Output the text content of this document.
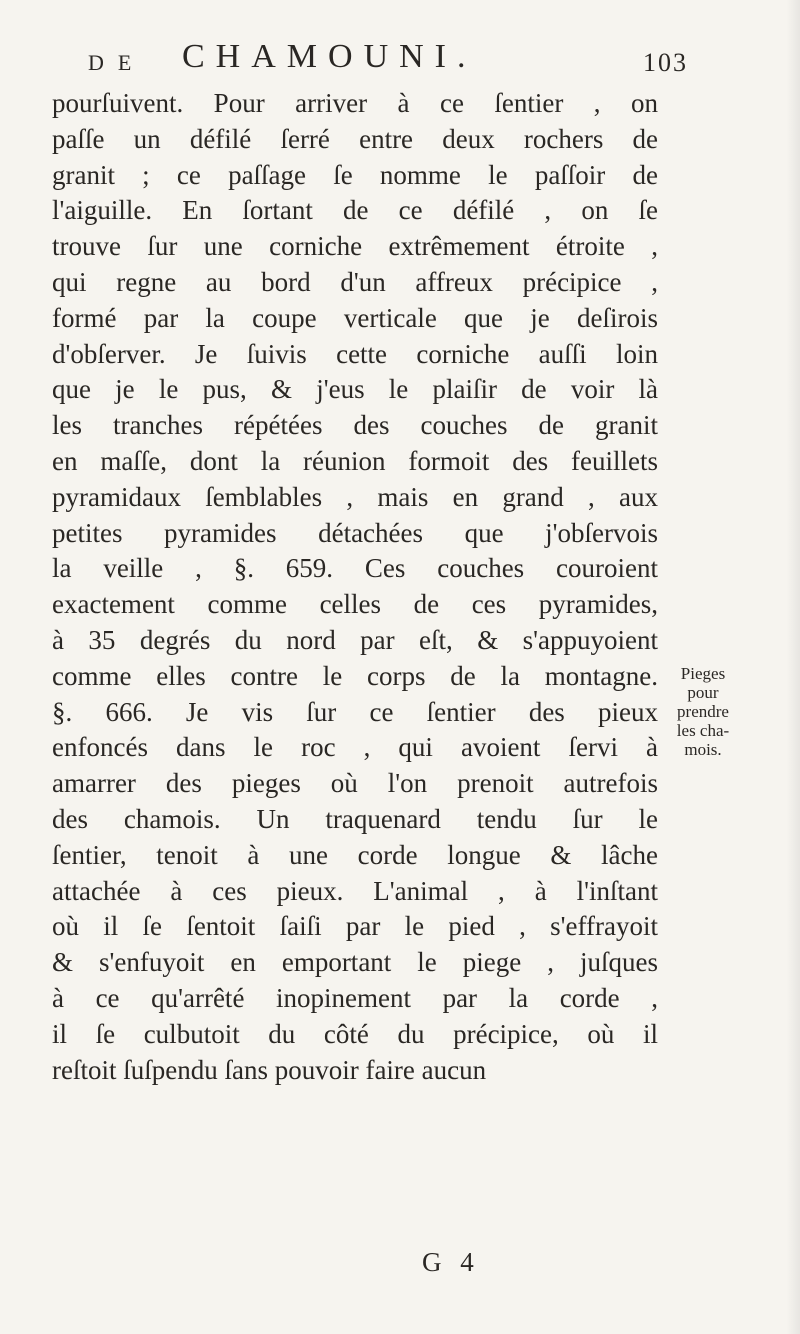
DE CHAMOUNI.	103
pourſuivent. Pour arriver à ce ſentier , on
paſſe un défilé ſerré entre deux rochers de
granit ; ce paſſage ſe nomme le paſſoir de
l'aiguille. En ſortant de ce défilé , on ſe
trouve ſur une corniche extrêmement étroite ,
qui regne au bord d'un affreux précipice ,
formé par la coupe verticale que je deſirois
d'obſerver. Je ſuivis cette corniche auſſi loin
que je le pus, & j'eus le plaiſir de voir là
les tranches répétées des couches de granit
en maſſe, dont la réunion formoit des feuillets
pyramidaux ſemblables , mais en grand , aux
petites pyramides détachées que j'obſervois
la veille , §. 659. Ces couches couroient
exactement comme celles de ces pyramides,
à 35 degrés du nord par eſt, & s'appuyoient
comme elles contre le corps de la montagne.
§. 666. Je vis ſur ce ſentier des pieux
enfoncés dans le roc , qui avoient ſervi à
amarrer des pieges où l'on prenoit autrefois
des chamois. Un traquenard tendu ſur le
ſentier, tenoit à une corde longue & lâche
attachée à ces pieux. L'animal , à l'inſtant
où il ſe ſentoit ſaiſi par le pied , s'effrayoit
& s'enfuyoit en emportant le piege , juſques
à ce qu'arrêté inopinement par la corde ,
il ſe culbutoit du côté du précipice, où il
reſtoit ſuſpendu ſans pouvoir faire aucun
Pieges
pour
prendre
les cha-
mois.
G 4
